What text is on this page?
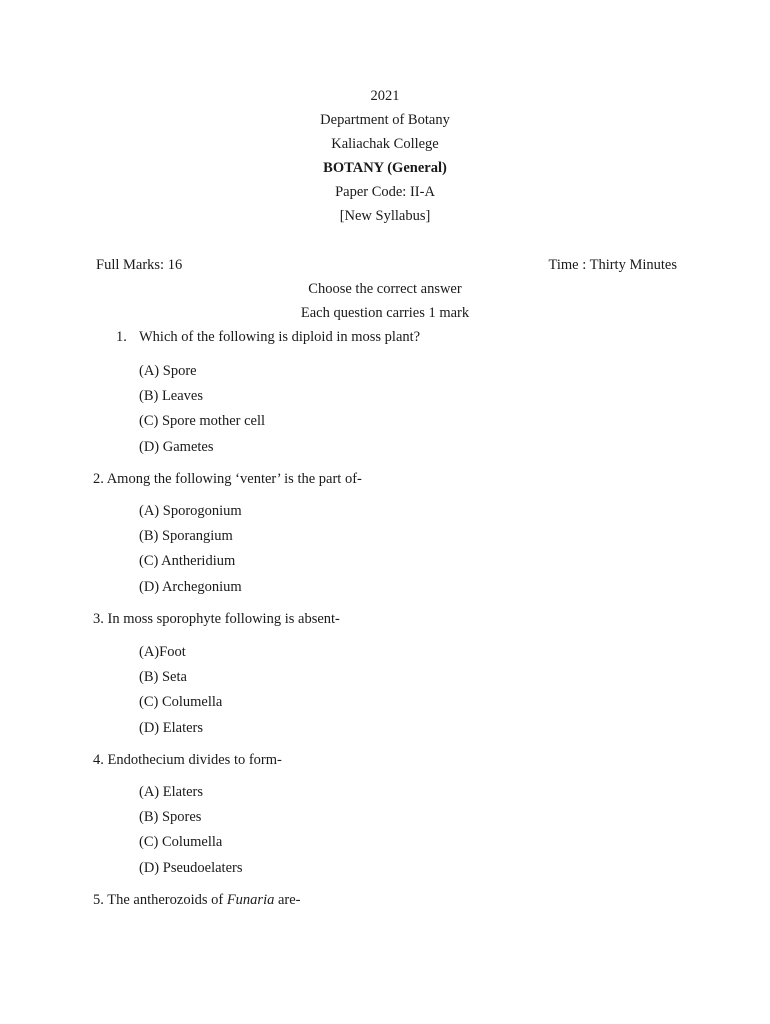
2021
Department of Botany
Kaliachak College
BOTANY (General)
Paper Code: II-A
[New Syllabus]
Full Marks: 16	Time : Thirty Minutes
Choose the correct answer
Each question carries 1 mark
1. Which of the following is diploid in moss plant?
(A) Spore
(B) Leaves
(C) Spore mother cell
(D) Gametes
2. Among the following ‘venter’ is the part of-
(A) Sporogonium
(B) Sporangium
(C) Antheridium
(D) Archegonium
3. In moss sporophyte following is absent-
(A)Foot
(B) Seta
(C) Columella
(D) Elaters
4. Endothecium divides to form-
(A) Elaters
(B) Spores
(C) Columella
(D) Pseudoelaters
5. The antherozoids of Funaria are-
